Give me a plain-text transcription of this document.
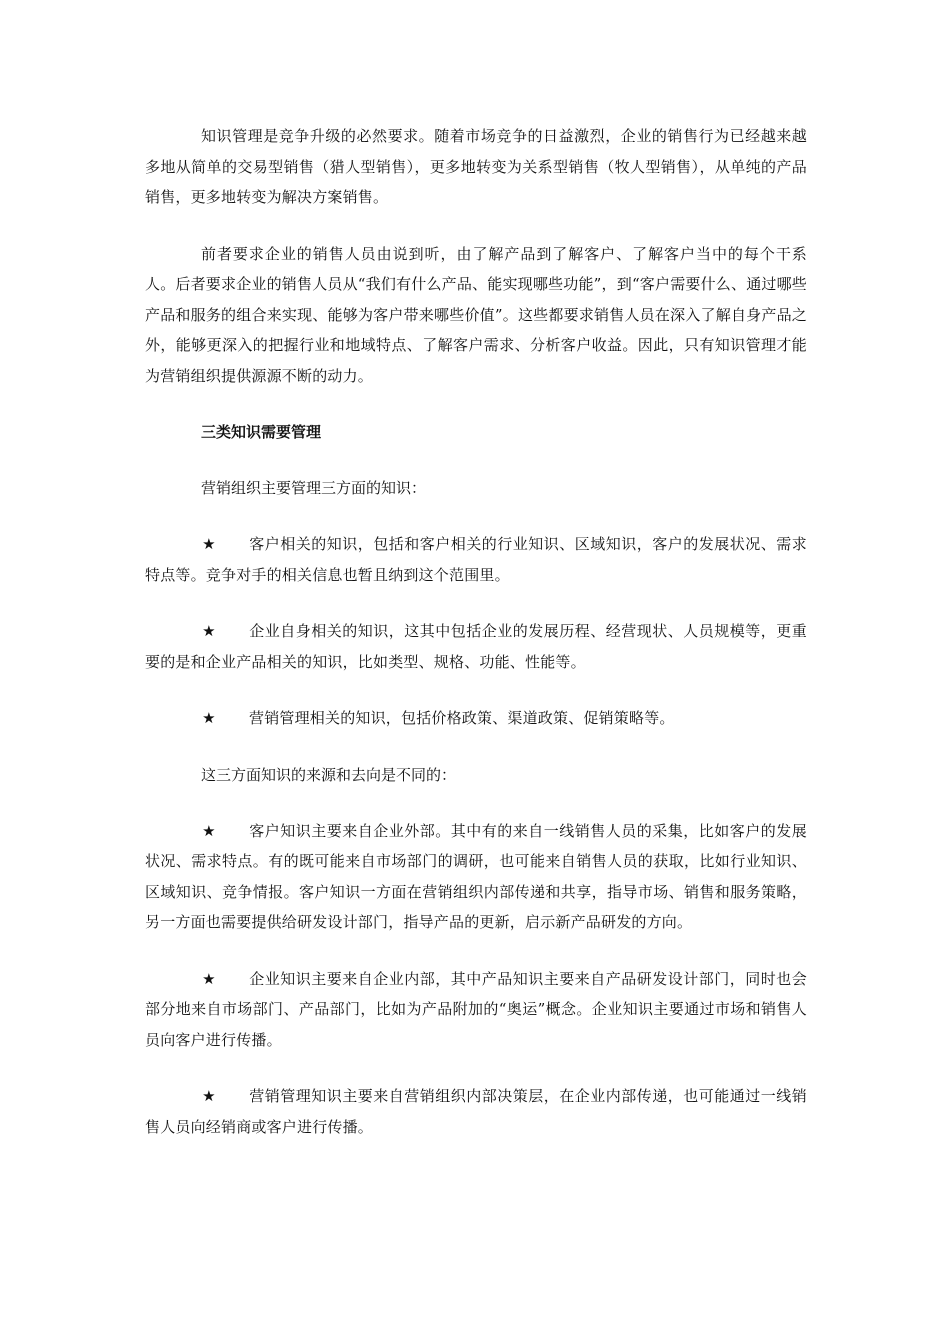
知识管理是竞争升级的必然要求。随着市场竞争的日益激烈，企业的销售行为已经越来越多地从简单的交易型销售（猎人型销售），更多地转变为关系型销售（牧人型销售），从单纯的产品销售，更多地转变为解决方案销售。

前者要求企业的销售人员由说到听，由了解产品到了解客户、了解客户当中的每个干系人。后者要求企业的销售人员从“我们有什么产品、能实现哪些功能”，到“客户需要什么、通过哪些产品和服务的组合来实现、能够为客户带来哪些价值”。这些都要求销售人员在深入了解自身产品之外，能够更深入的把握行业和地域特点、了解客户需求、分析客户收益。因此，只有知识管理才能为营销组织提供源源不断的动力。

三类知识需要管理

营销组织主要管理三方面的知识：

★ 客户相关的知识，包括和客户相关的行业知识、区域知识，客户的发展状况、需求特点等。竞争对手的相关信息也暂且纳到这个范围里。

★ 企业自身相关的知识，这其中包括企业的发展历程、经营现状、人员规模等，更重要的是和企业产品相关的知识，比如类型、规格、功能、性能等。

★ 营销管理相关的知识，包括价格政策、渠道政策、促销策略等。

这三方面知识的来源和去向是不同的：

★ 客户知识主要来自企业外部。其中有的来自一线销售人员的采集，比如客户的发展状况、需求特点。有的既可能来自市场部门的调研，也可能来自销售人员的获取，比如行业知识、区域知识、竞争情报。客户知识一方面在营销组织内部传递和共享，指导市场、销售和服务策略，另一方面也需要提供给研发设计部门，指导产品的更新，启示新产品研发的方向。

★ 企业知识主要来自企业内部，其中产品知识主要来自产品研发设计部门，同时也会部分地来自市场部门、产品部门，比如为产品附加的“奥运”概念。企业知识主要通过市场和销售人员向客户进行传播。

★ 营销管理知识主要来自营销组织内部决策层，在企业内部传递，也可能通过一线销售人员向经销商或客户进行传播。
